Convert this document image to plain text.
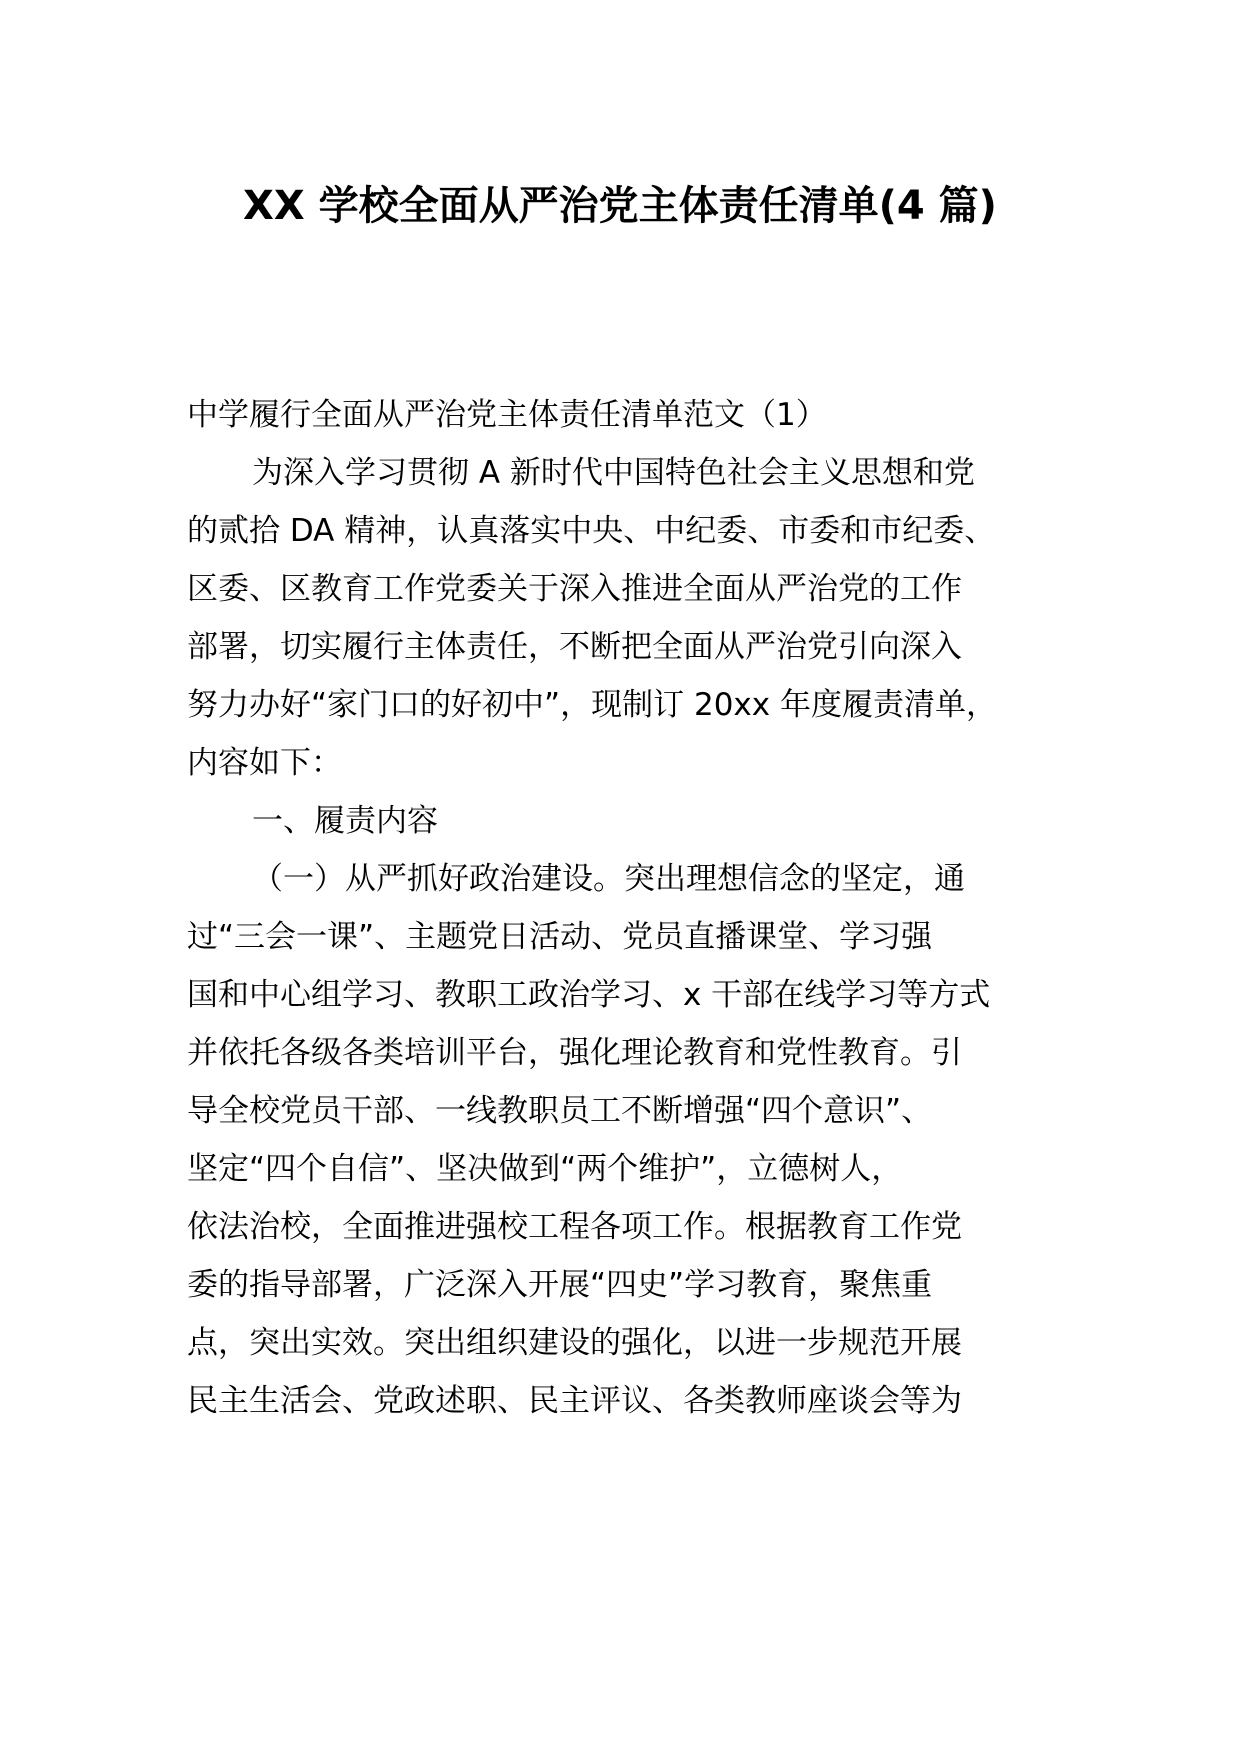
XX 学校全面从严治党主体责任清单(4 篇)
中学履行全面从严治党主体责任清单范文（1）
为深入学习贯彻 A 新时代中国特色社会主义思想和党
的贰拾 DA 精神，认真落实中央、中纪委、市委和市纪委、
区委、区教育工作党委关于深入推进全面从严治党的工作
部署，切实履行主体责任，不断把全面从严治党引向深入
努力办好“家门口的好初中”，现制订 20xx 年度履责清单，
内容如下：
一、履责内容
（一）从严抓好政治建设。突出理想信念的坚定，通
过“三会一课”、主题党日活动、党员直播课堂、学习强
国和中心组学习、教职工政治学习、x 干部在线学习等方式
并依托各级各类培训平台，强化理论教育和党性教育。引
导全校党员干部、一线教职员工不断增强“四个意识”、
坚定“四个自信”、坚决做到“两个维护”，立德树人，
依法治校，全面推进强校工程各项工作。根据教育工作党
委的指导部署，广泛深入开展“四史”学习教育，聚焦重
点，突出实效。突出组织建设的强化，以进一步规范开展
民主生活会、党政述职、民主评议、各类教师座谈会等为
